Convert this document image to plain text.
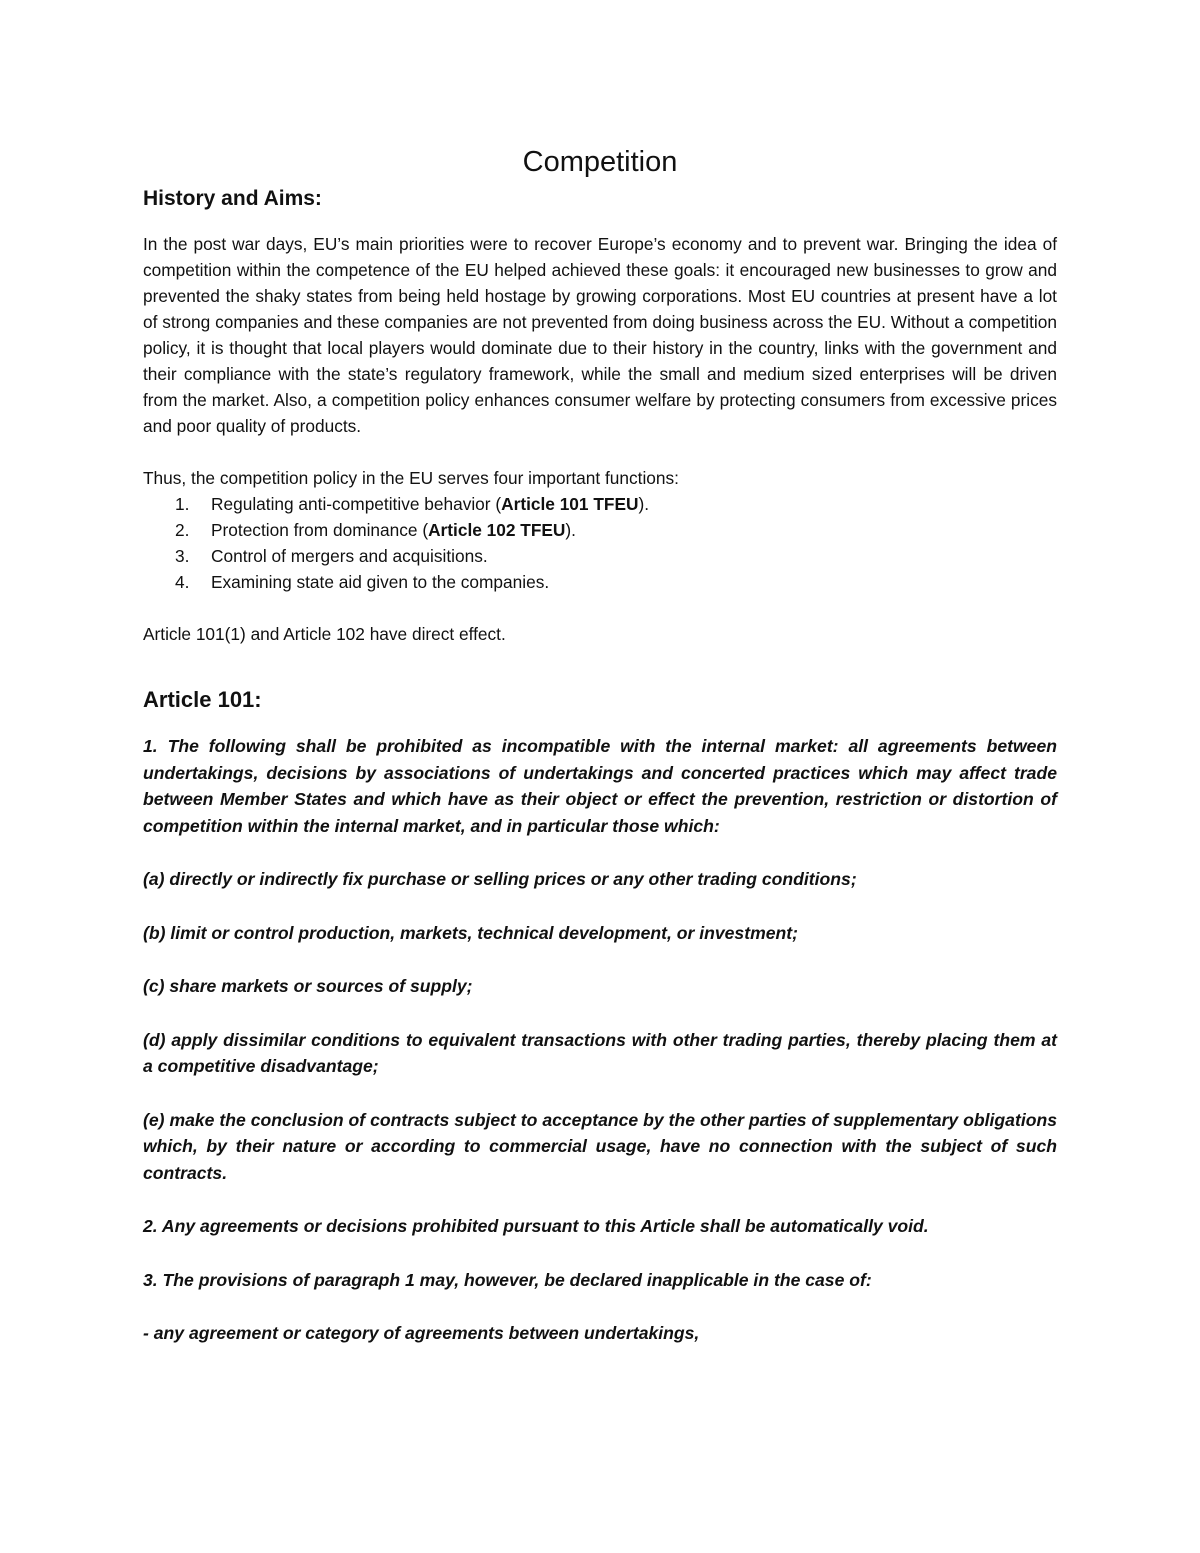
Competition
History and Aims:

In the post war days, EU’s main priorities were to recover Europe’s economy and to prevent war. Bringing the idea of competition within the competence of the EU helped achieved these goals: it encouraged new businesses to grow and prevented the shaky states from being held hostage by growing corporations. Most EU countries at present have a lot of strong companies and these companies are not prevented from doing business across the EU. Without a competition policy, it is thought that local players would dominate due to their history in the country, links with the government and their compliance with the state’s regulatory framework, while the small and medium sized enterprises will be driven from the market. Also, a competition policy enhances consumer welfare by protecting consumers from excessive prices and poor quality of products.

Thus, the competition policy in the EU serves four important functions:

1. Regulating anti-competitive behavior (Article 101 TFEU).
2. Protection from dominance (Article 102 TFEU).
3. Control of mergers and acquisitions.
4. Examining state aid given to the companies.

Article 101(1) and Article 102 have direct effect.

Article 101:

1. The following shall be prohibited as incompatible with the internal market: all agreements between undertakings, decisions by associations of undertakings and concerted practices which may affect trade between Member States and which have as their object or effect the prevention, restriction or distortion of competition within the internal market, and in particular those which:

(a) directly or indirectly fix purchase or selling prices or any other trading conditions;

(b) limit or control production, markets, technical development, or investment;

(c) share markets or sources of supply;

(d) apply dissimilar conditions to equivalent transactions with other trading parties, thereby placing them at a competitive disadvantage;

(e) make the conclusion of contracts subject to acceptance by the other parties of supplementary obligations which, by their nature or according to commercial usage, have no connection with the subject of such contracts.

2. Any agreements or decisions prohibited pursuant to this Article shall be automatically void.

3. The provisions of paragraph 1 may, however, be declared inapplicable in the case of:

- any agreement or category of agreements between undertakings,
